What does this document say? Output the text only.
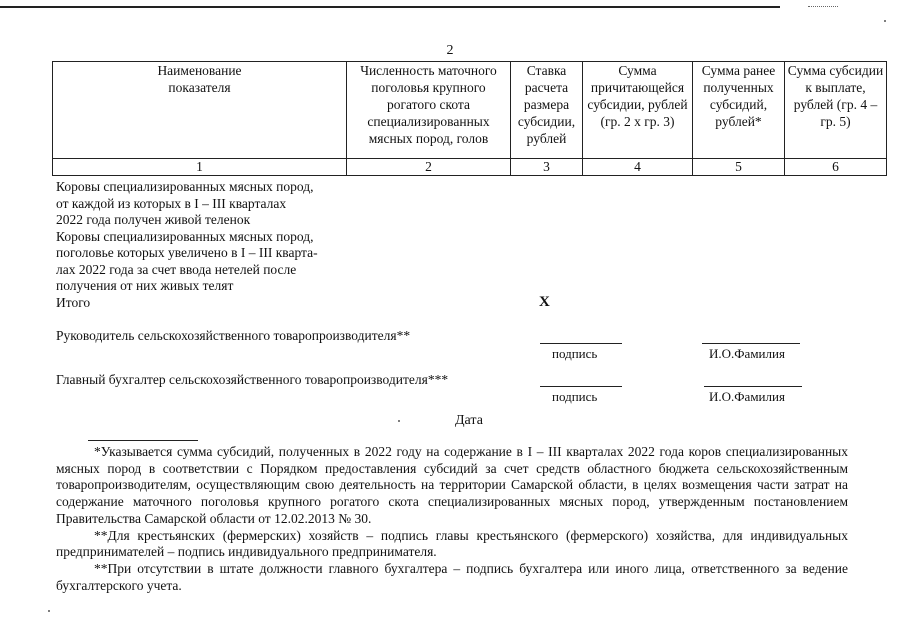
2
Наименование
показателя	Численность маточного поголовья крупного рогатого скота специализированных мясных пород, голов	Ставка расчета размера субсидии, рублей	Сумма причитающейся субсидии, рублей (гр. 2 х гр. 3)	Сумма ранее полученных субсидий, рублей*	Сумма субсидии к выплате, рублей (гр. 4 – гр. 5)
1	2	3	4	5	6
Коровы специализированных мясных пород,
от каждой из которых в I – III кварталах
2022 года получен живой теленок
Коровы специализированных мясных пород,
поголовье которых увеличено в I – III кварта-
лах 2022 года за счет ввода нетелей после
получения от них живых телят
Итого	Х
Руководитель сельскохозяйственного товаропроизводителя**
подпись	И.О.Фамилия
Главный бухгалтер сельскохозяйственного товаропроизводителя***
подпись	И.О.Фамилия
Дата

*Указывается сумма субсидий, полученных в 2022 году на содержание в I – III кварталах 2022 года коров специализированных мясных пород в соответствии с Порядком предоставления субсидий за счет средств областного бюджета сельскохозяйственным товаропроизводителям, осуществляющим свою деятельность на территории Самарской области, в целях возмещения части затрат на содержание маточного поголовья крупного рогатого скота специализированных мясных пород, утвержденным постановлением Правительства Самарской области от 12.02.2013 № 30.

**Для крестьянских (фермерских) хозяйств – подпись главы крестьянского (фермерского) хозяйства, для индивидуальных предпринимателей – подпись индивидуального предпринимателя.

**При отсутствии в штате должности главного бухгалтера – подпись бухгалтера или иного лица, ответственного за ведение бухгалтерского учета.
